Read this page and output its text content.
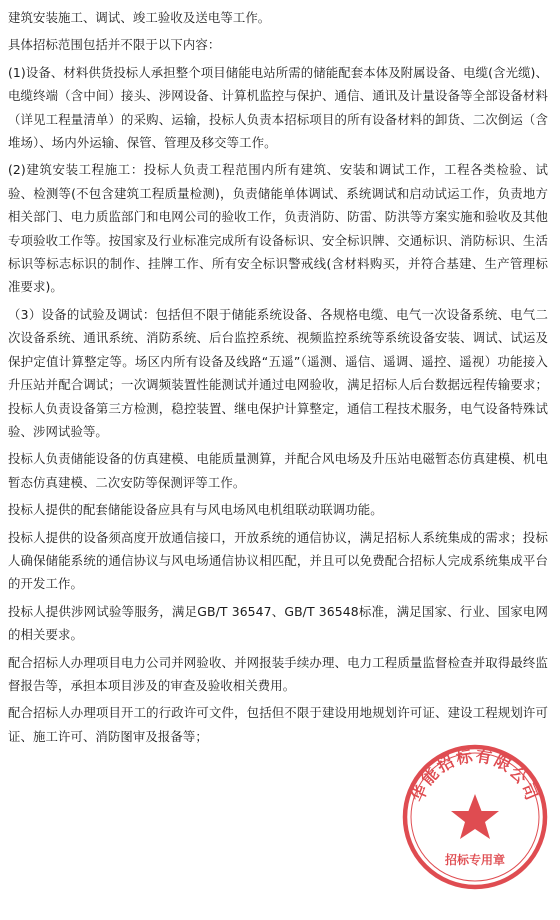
建筑安装施工、调试、竣工验收及送电等工作。

具体招标范围包括并不限于以下内容：

(1)设备、材料供货投标人承担整个项目储能电站所需的储能配套本体及附属设备、电缆(含光缆)、电缆终端（含中间）接头、涉网设备、计算机监控与保护、通信、通讯及计量设备等全部设备材料（详见工程量清单）的采购、运输，投标人负责本招标项目的所有设备材料的卸货、二次倒运（含堆场）、场内外运输、保管、管理及移交等工作。

(2)建筑安装工程施工：投标人负责工程范围内所有建筑、安装和调试工作，工程各类检验、试验、检测等(不包含建筑工程质量检测)，负责储能单体调试、系统调试和启动试运工作，负责地方相关部门、电力质监部门和电网公司的验收工作，负责消防、防雷、防洪等方案实施和验收及其他专项验收工作等。按国家及行业标准完成所有设备标识、安全标识牌、交通标识、消防标识、生活标识等标志标识的制作、挂牌工作、所有安全标识警戒线(含材料购买，并符合基建、生产管理标准要求)。

（3）设备的试验及调试：包括但不限于储能系统设备、各规格电缆、电气一次设备系统、电气二次设备系统、通讯系统、消防系统、后台监控系统、视频监控系统等系统设备安装、调试、试运及保护定值计算整定等。场区内所有设备及线路“五遥”（遥测、遥信、遥调、遥控、遥视）功能接入升压站并配合调试；一次调频装置性能测试并通过电网验收，满足招标人后台数据远程传输要求；投标人负责设备第三方检测，稳控装置、继电保护计算整定，通信工程技术服务，电气设备特殊试验、涉网试验等。

投标人负责储能设备的仿真建模、电能质量测算，并配合风电场及升压站电磁暂态仿真建模、机电暂态仿真建模、二次安防等保测评等工作。

投标人提供的配套储能设备应具有与风电场风电机组联动联调功能。

投标人提供的设备须高度开放通信接口，开放系统的通信协议，满足招标人系统集成的需求；投标人确保储能系统的通信协议与风电场通信协议相匹配，并且可以免费配合招标人完成系统集成平台的开发工作。

投标人提供涉网试验等服务，满足GB/T 36547、GB/T 36548标准，满足国家、行业、国家电网的相关要求。

配合招标人办理项目电力公司并网验收、并网报装手续办理、电力工程质量监督检查并取得最终监督报告等，承担本项目涉及的审查及验收相关费用。

配合招标人办理项目开工的行政许可文件，包括但不限于建设用地规划许可证、建设工程规划许可证、施工许可、消防图审及报备等；

华能招标有限公司
招标专用章
